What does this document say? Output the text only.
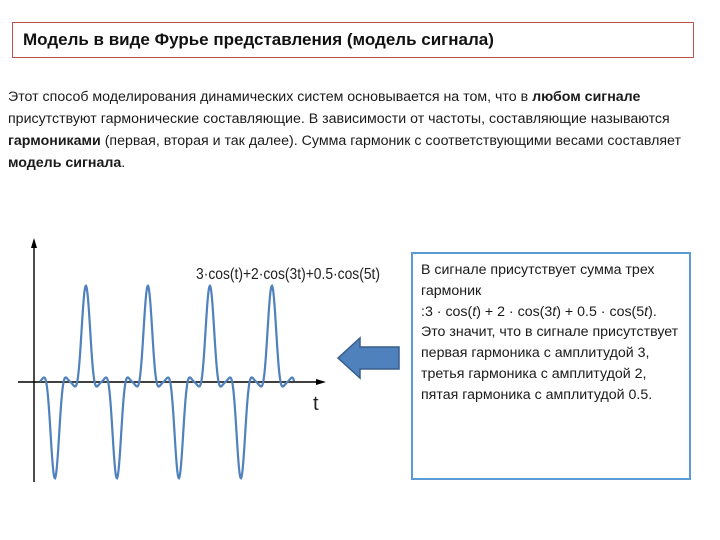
Модель в виде Фурье представления (модель сигнала)
Этот способ моделирования динамических систем основывается на том, что в любом сигнале присутствуют гармонические составляющие. В зависимости от частоты, составляющие называются гармониками (первая, вторая и так далее). Сумма гармоник с соответствующими весами составляет модель сигнала.
3·cos(t)+2·cos(3t)+0.5·cos(5t)
t
В сигнале присутствует сумма трех гармоник
:3 · cos(t) + 2 · cos(3t) + 0.5 · cos(5t).
Это значит, что в сигнале присутствует первая гармоника с амплитудой 3, третья гармоника с амплитудой 2, пятая гармоника с амплитудой 0.5.
